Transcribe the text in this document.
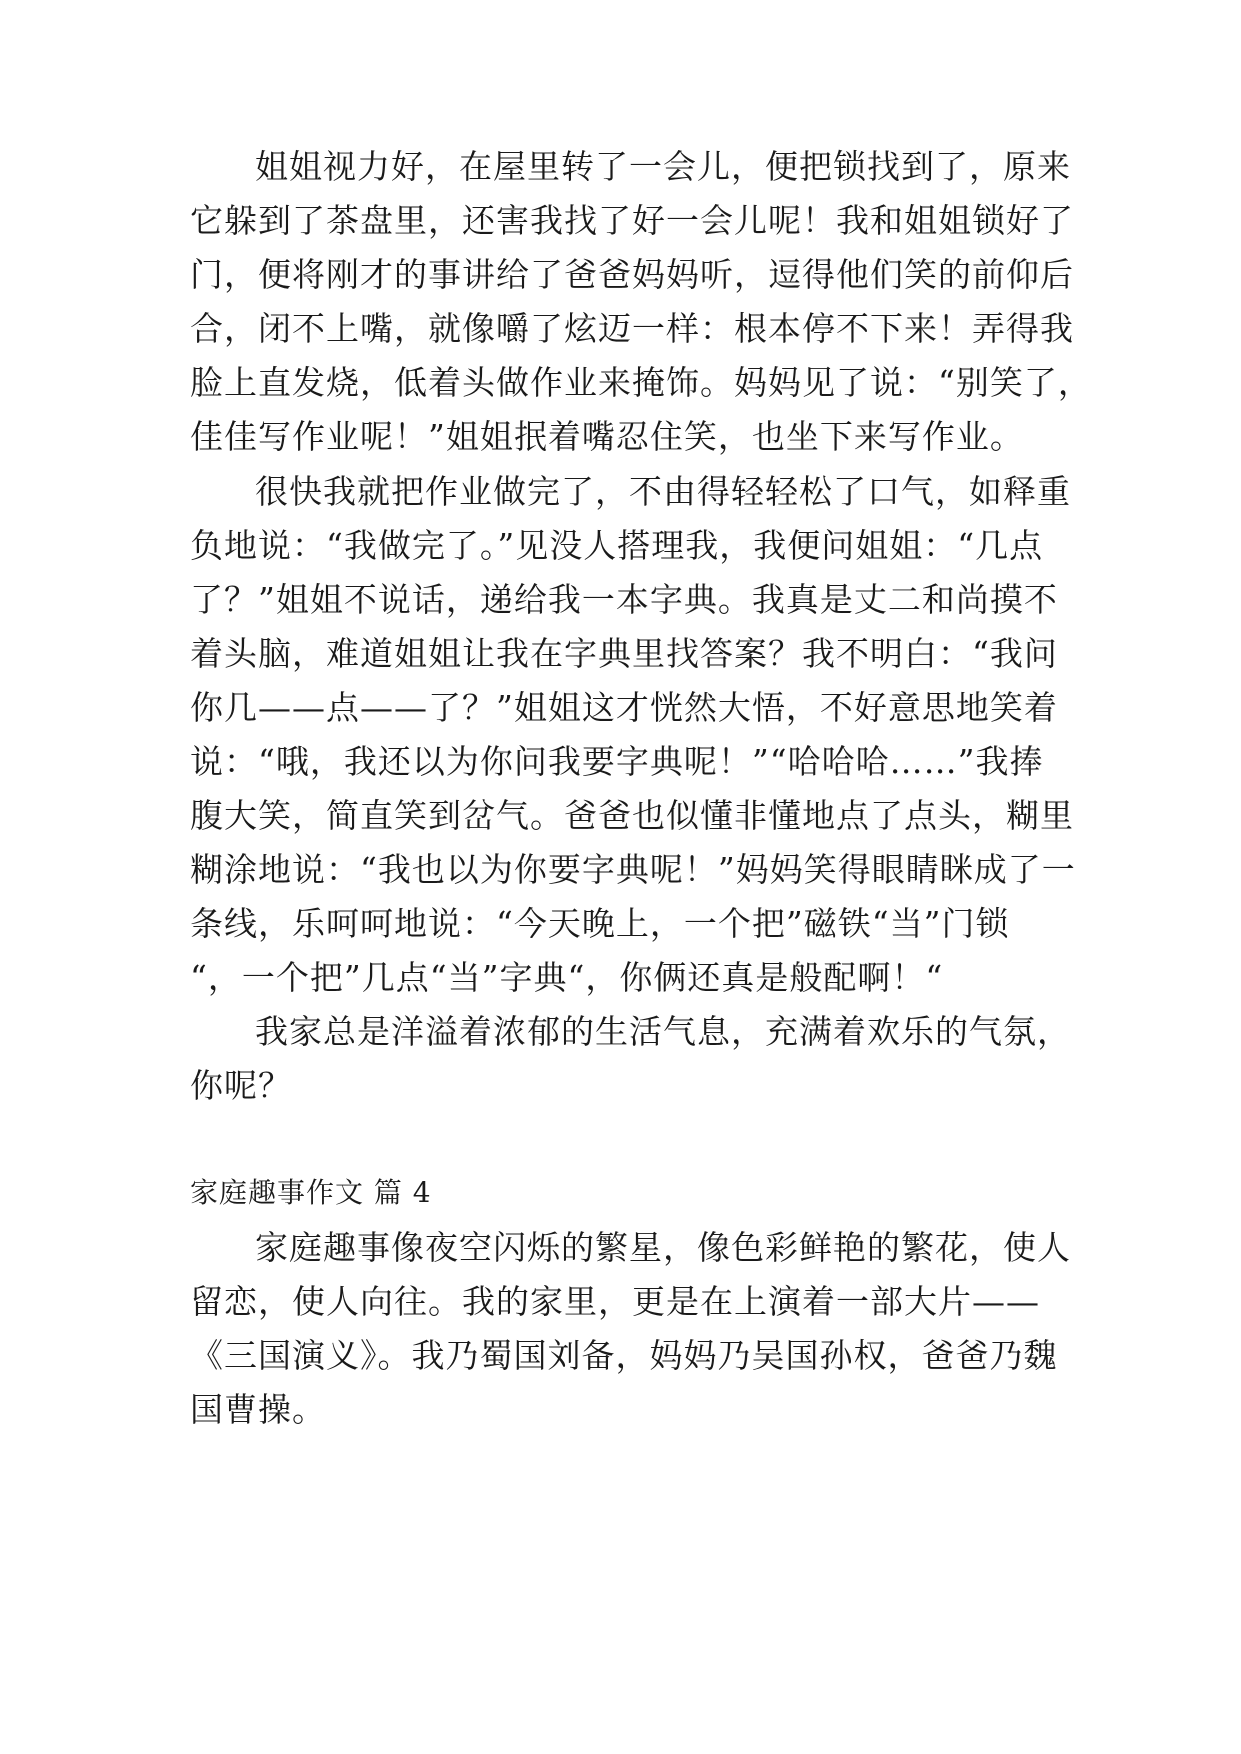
姐姐视力好，在屋里转了一会儿，便把锁找到了，原来
它躲到了茶盘里，还害我找了好一会儿呢！我和姐姐锁好了
门，便将刚才的事讲给了爸爸妈妈听，逗得他们笑的前仰后
合，闭不上嘴，就像嚼了炫迈一样：根本停不下来！弄得我
脸上直发烧，低着头做作业来掩饰。妈妈见了说：“别笑了，
佳佳写作业呢！”姐姐抿着嘴忍住笑，也坐下来写作业。
很快我就把作业做完了，不由得轻轻松了口气，如释重
负地说：“我做完了。”见没人搭理我，我便问姐姐：“几点
了？”姐姐不说话，递给我一本字典。我真是丈二和尚摸不
着头脑，难道姐姐让我在字典里找答案？我不明白：“我问
你几——点——了？”姐姐这才恍然大悟，不好意思地笑着
说：“哦，我还以为你问我要字典呢！”“哈哈哈……”我捧
腹大笑，简直笑到岔气。爸爸也似懂非懂地点了点头，糊里
糊涂地说：“我也以为你要字典呢！”妈妈笑得眼睛眯成了一
条线，乐呵呵地说：“今天晚上，一个把”磁铁“当”门锁
“，一个把”几点“当”字典“，你俩还真是般配啊！“
我家总是洋溢着浓郁的生活气息，充满着欢乐的气氛，
你呢？
家庭趣事作文 篇 4
家庭趣事像夜空闪烁的繁星，像色彩鲜艳的繁花，使人
留恋，使人向往。我的家里，更是在上演着一部大片——
《三国演义》。我乃蜀国刘备，妈妈乃吴国孙权，爸爸乃魏
国曹操。
